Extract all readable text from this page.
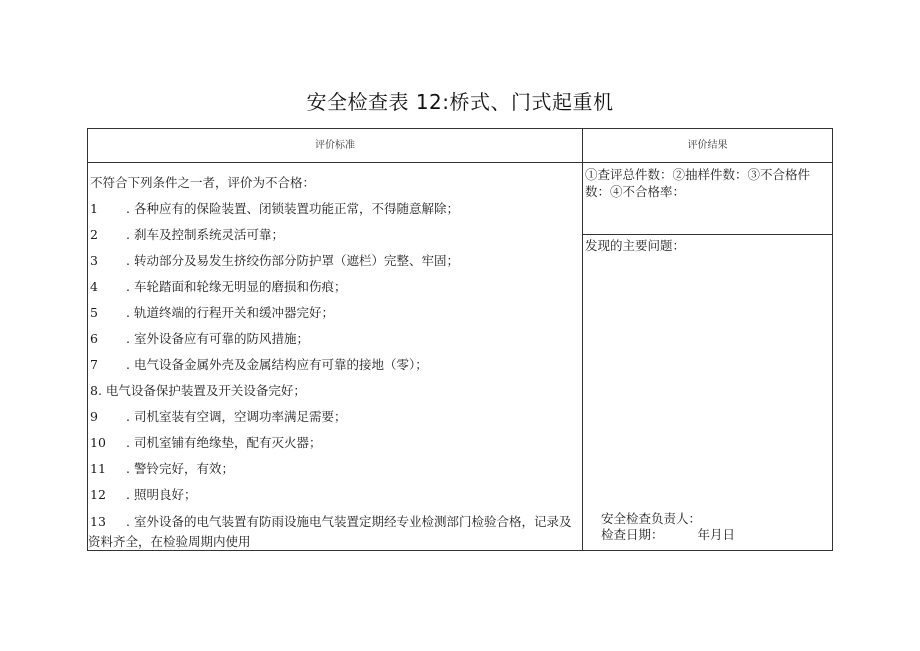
安全检查表 12:桥式、门式起重机
评价标准	评价结果
不符合下列条件之一者，评价为不合格：
1 . 各种应有的保险装置、闭锁装置功能正常，不得随意解除；
2 . 刹车及控制系统灵活可靠；
3 . 转动部分及易发生挤绞伤部分防护罩（遮栏）完整、牢固；
4 . 车轮踏面和轮缘无明显的磨损和伤痕；
5 . 轨道终端的行程开关和缓冲器完好；
6 . 室外设备应有可靠的防风措施；
7 . 电气设备金属外壳及金属结构应有可靠的接地（零）；
8. 电气设备保护装置及开关设备完好；
9 . 司机室装有空调，空调功率满足需要；
10 . 司机室铺有绝缘垫，配有灭火器；
11 . 警铃完好，有效；
12 . 照明良好；
13 . 室外设备的电气装置有防雨设施电气装置定期经专业检测部门检验合格，记录及资料齐全，在检验周期内使用
①查评总件数：②抽样件数：③不合格件数：④不合格率：
发现的主要问题：
安全检查负责人：
检查日期：	年月日
